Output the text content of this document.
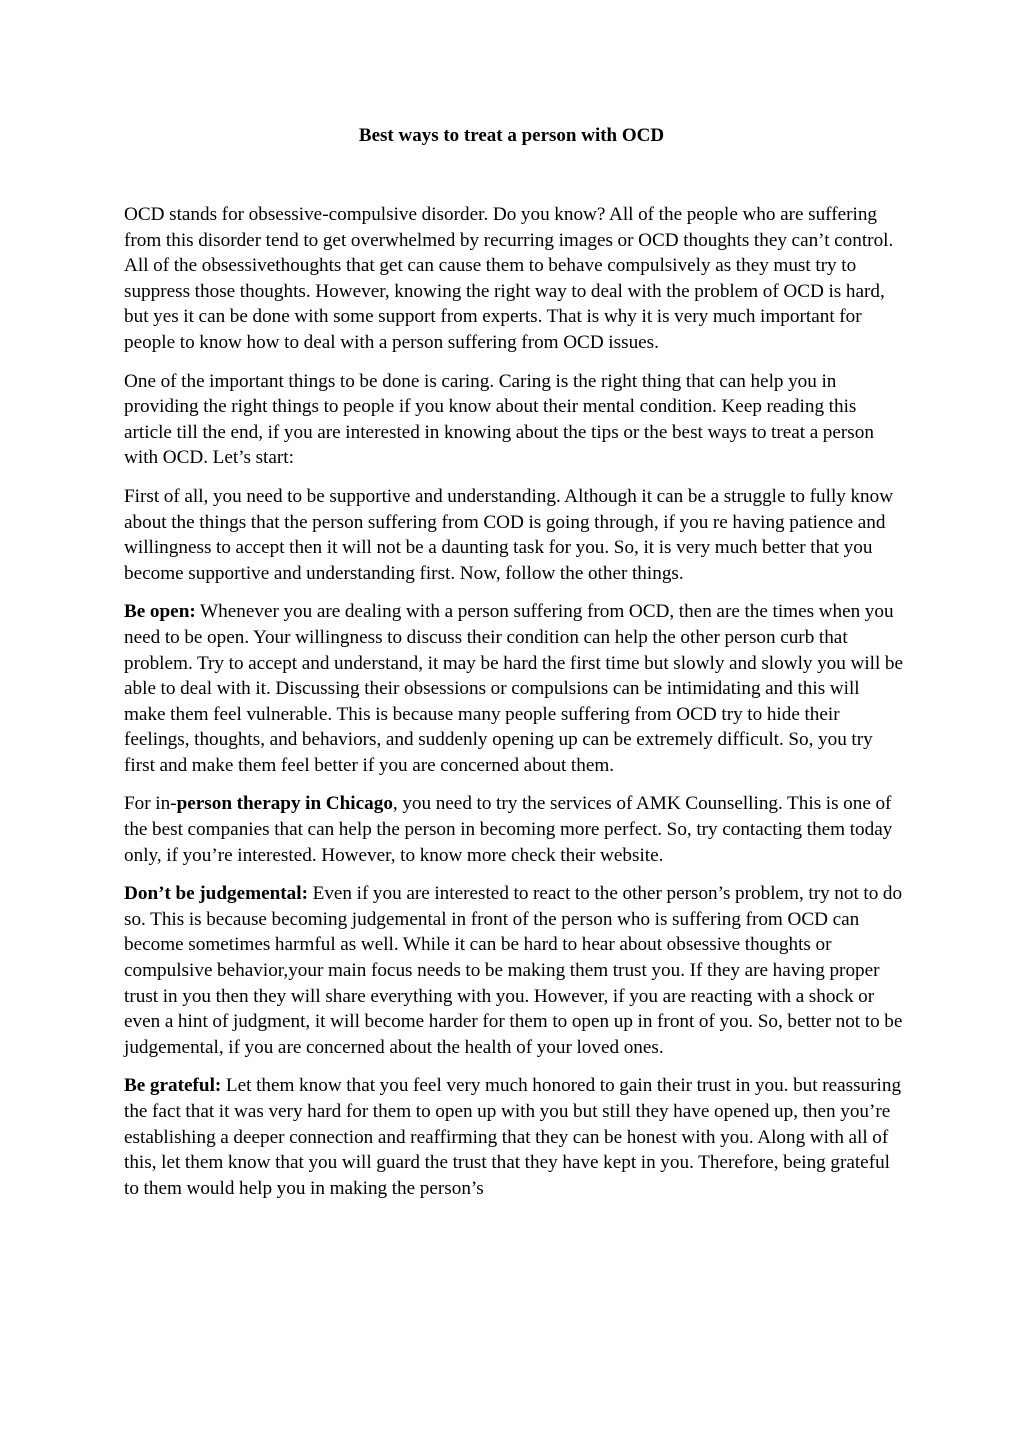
Best ways to treat a person with OCD

OCD stands for obsessive-compulsive disorder. Do you know? All of the people who are suffering from this disorder tend to get overwhelmed by recurring images or OCD thoughts they can’t control. All of the obsessivethoughts that get can cause them to behave compulsively as they must try to suppress those thoughts. However, knowing the right way to deal with the problem of OCD is hard, but yes it can be done with some support from experts. That is why it is very much important for people to know how to deal with a person suffering from OCD issues.

One of the important things to be done is caring. Caring is the right thing that can help you in providing the right things to people if you know about their mental condition. Keep reading this article till the end, if you are interested in knowing about the tips or the best ways to treat a person with OCD. Let’s start:

First of all, you need to be supportive and understanding. Although it can be a struggle to fully know about the things that the person suffering from COD is going through, if you re having patience and willingness to accept then it will not be a daunting task for you. So, it is very much better that you become supportive and understanding first. Now, follow the other things.

Be open: Whenever you are dealing with a person suffering from OCD, then are the times when you need to be open. Your willingness to discuss their condition can help the other person curb that problem. Try to accept and understand, it may be hard the first time but slowly and slowly you will be able to deal with it. Discussing their obsessions or compulsions can be intimidating and this will make them feel vulnerable. This is because many people suffering from OCD try to hide their feelings, thoughts, and behaviors, and suddenly opening up can be extremely difficult. So, you try first and make them feel better if you are concerned about them.

For in-person therapy in Chicago, you need to try the services of AMK Counselling. This is one of the best companies that can help the person in becoming more perfect. So, try contacting them today only, if you’re interested. However, to know more check their website.

Don’t be judgemental: Even if you are interested to react to the other person’s problem, try not to do so. This is because becoming judgemental in front of the person who is suffering from OCD can become sometimes harmful as well. While it can be hard to hear about obsessive thoughts or compulsive behavior,your main focus needs to be making them trust you. If they are having proper trust in you then they will share everything with you. However, if you are reacting with a shock or even a hint of judgment, it will become harder for them to open up in front of you. So, better not to be judgemental, if you are concerned about the health of your loved ones.

Be grateful: Let them know that you feel very much honored to gain their trust in you. but reassuring the fact that it was very hard for them to open up with you but still they have opened up, then you’re establishing a deeper connection and reaffirming that they can be honest with you. Along with all of this, let them know that you will guard the trust that they have kept in you. Therefore, being grateful to them would help you in making the person’s
